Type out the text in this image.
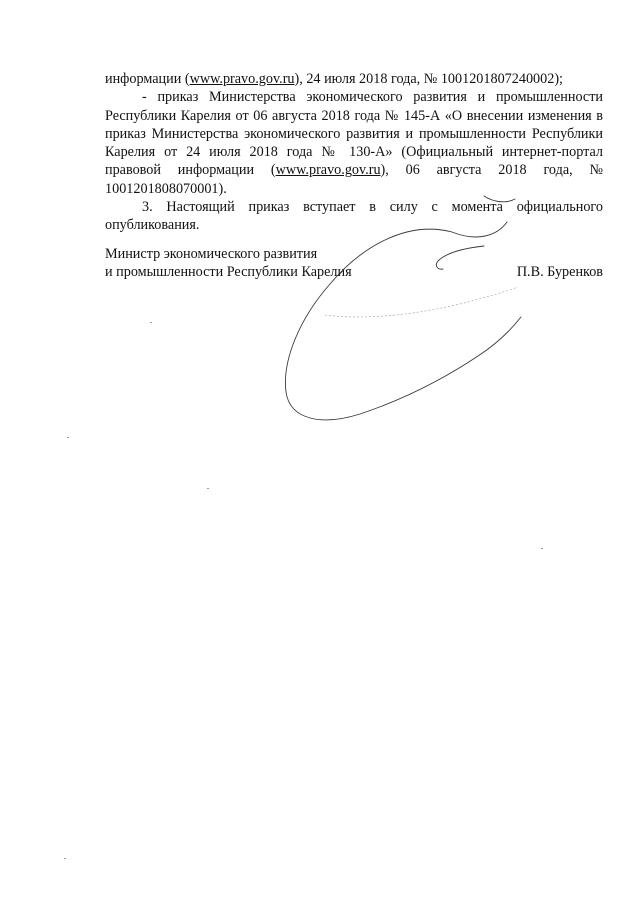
информации (www.pravo.gov.ru), 24 июля 2018 года, № 1001201807240002);

- приказ Министерства экономического развития и промышленности Республики Карелия от 06 августа 2018 года № 145-А «О внесении изменения в приказ Министерства экономического развития и промышленности Республики Карелия от 24 июля 2018 года № 130-А» (Официальный интернет-портал правовой информации (www.pravo.gov.ru), 06 августа 2018 года, № 1001201808070001).

3. Настоящий приказ вступает в силу с момента официального опубликования.

Министр экономического развития
и промышленности Республики Карелия	П.В. Буренков
